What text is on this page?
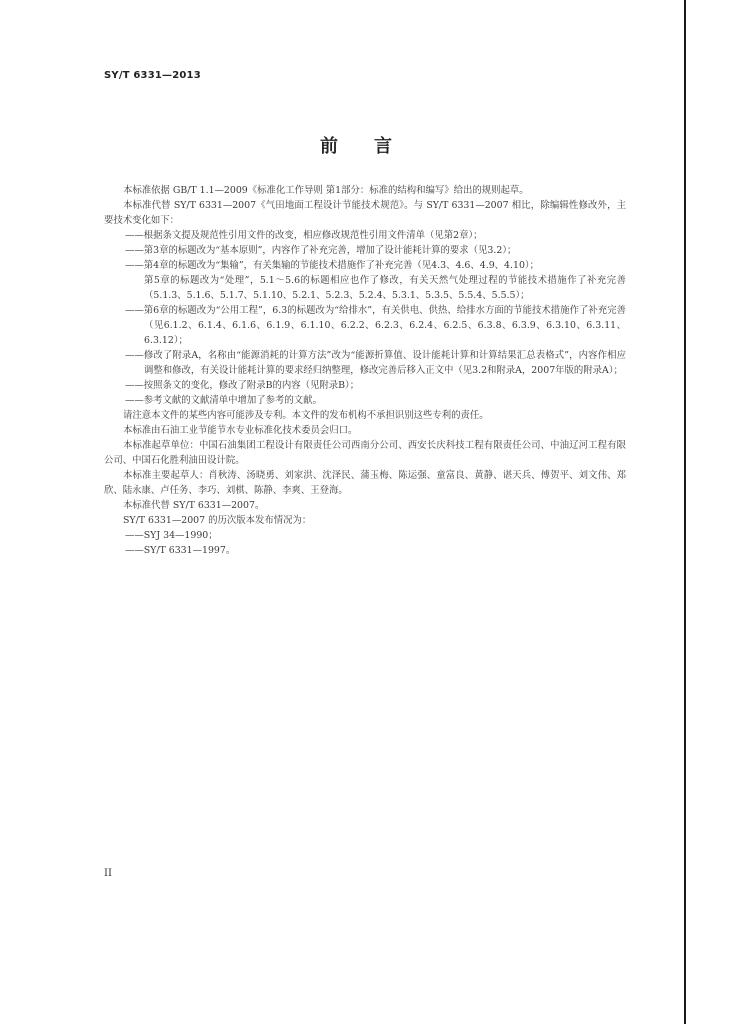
SY/T 6331—2013
前言

本标准依据 GB/T 1.1—2009《标准化工作导则 第1部分：标准的结构和编写》给出的规则起草。

本标准代替 SY/T 6331—2007《气田地面工程设计节能技术规范》。与 SY/T 6331—2007 相比，除编辑性修改外，主要技术变化如下：

——根据条文提及规范性引用文件的改变，相应修改规范性引用文件清单（见第2章）；

——第3章的标题改为“基本原则”，内容作了补充完善，增加了设计能耗计算的要求（见3.2）；

——第4章的标题改为“集输”，有关集输的节能技术措施作了补充完善（见4.3、4.6、4.9、4.10）；

第5章的标题改为“处理”，5.1～5.6的标题相应也作了修改，有关天然气处理过程的节能技术措施作了补充完善（5.1.3、5.1.6、5.1.7、5.1.10、5.2.1、5.2.3、5.2.4、5.3.1、5.3.5、5.5.4、5.5.5）；

——第6章的标题改为“公用工程”，6.3的标题改为“给排水”，有关供电、供热、给排水方面的节能技术措施作了补充完善（见6.1.2、6.1.4、6.1.6、6.1.9、6.1.10、6.2.2、6.2.3、6.2.4、6.2.5、6.3.8、6.3.9、6.3.10、6.3.11、6.3.12）；

——修改了附录A，名称由“能源消耗的计算方法”改为“能源折算值、设计能耗计算和计算结果汇总表格式”，内容作相应调整和修改，有关设计能耗计算的要求经归纳整理，修改完善后移入正文中（见3.2和附录A，2007年版的附录A）；

——按照条文的变化，修改了附录B的内容（见附录B）；

——参考文献的文献清单中增加了参考的文献。

请注意本文件的某些内容可能涉及专利。本文件的发布机构不承担识别这些专利的责任。

本标准由石油工业节能节水专业标准化技术委员会归口。

本标准起草单位：中国石油集团工程设计有限责任公司西南分公司、西安长庆科技工程有限责任公司、中油辽河工程有限公司、中国石化胜利油田设计院。

本标准主要起草人：肖秋涛、汤晓勇、刘家洪、沈泽民、蒲玉梅、陈运强、童富良、黄静、谌天兵、傅贺平、刘文伟、郑欣、陆永康、卢任务、李巧、刘棋、陈静、李爽、王登海。

本标准代替 SY/T 6331—2007。

SY/T 6331—2007 的历次版本发布情况为：

——SYJ 34—1990；

——SY/T 6331—1997。

II
